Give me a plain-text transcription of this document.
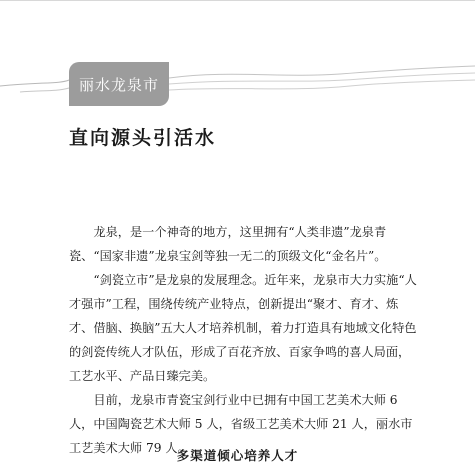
丽水龙泉市
直向源头引活水

龙泉，是一个神奇的地方，这里拥有“人类非遗”龙泉青瓷、“国家非遗”龙泉宝剑等独一无二的顶级文化“金名片”。

“剑瓷立市”是龙泉的发展理念。近年来，龙泉市大力实施“人才强市”工程，围绕传统产业特点，创新提出“聚才、育才、炼才、借脑、换脑”五大人才培养机制，着力打造具有地域文化特色的剑瓷传统人才队伍，形成了百花齐放、百家争鸣的喜人局面，工艺水平、产品日臻完美。

目前，龙泉市青瓷宝剑行业中已拥有中国工艺美术大师 6 人，中国陶瓷艺术大师 5 人，省级工艺美术大师 21 人，丽水市工艺美术大师 79 人。

多渠道倾心培养人才
